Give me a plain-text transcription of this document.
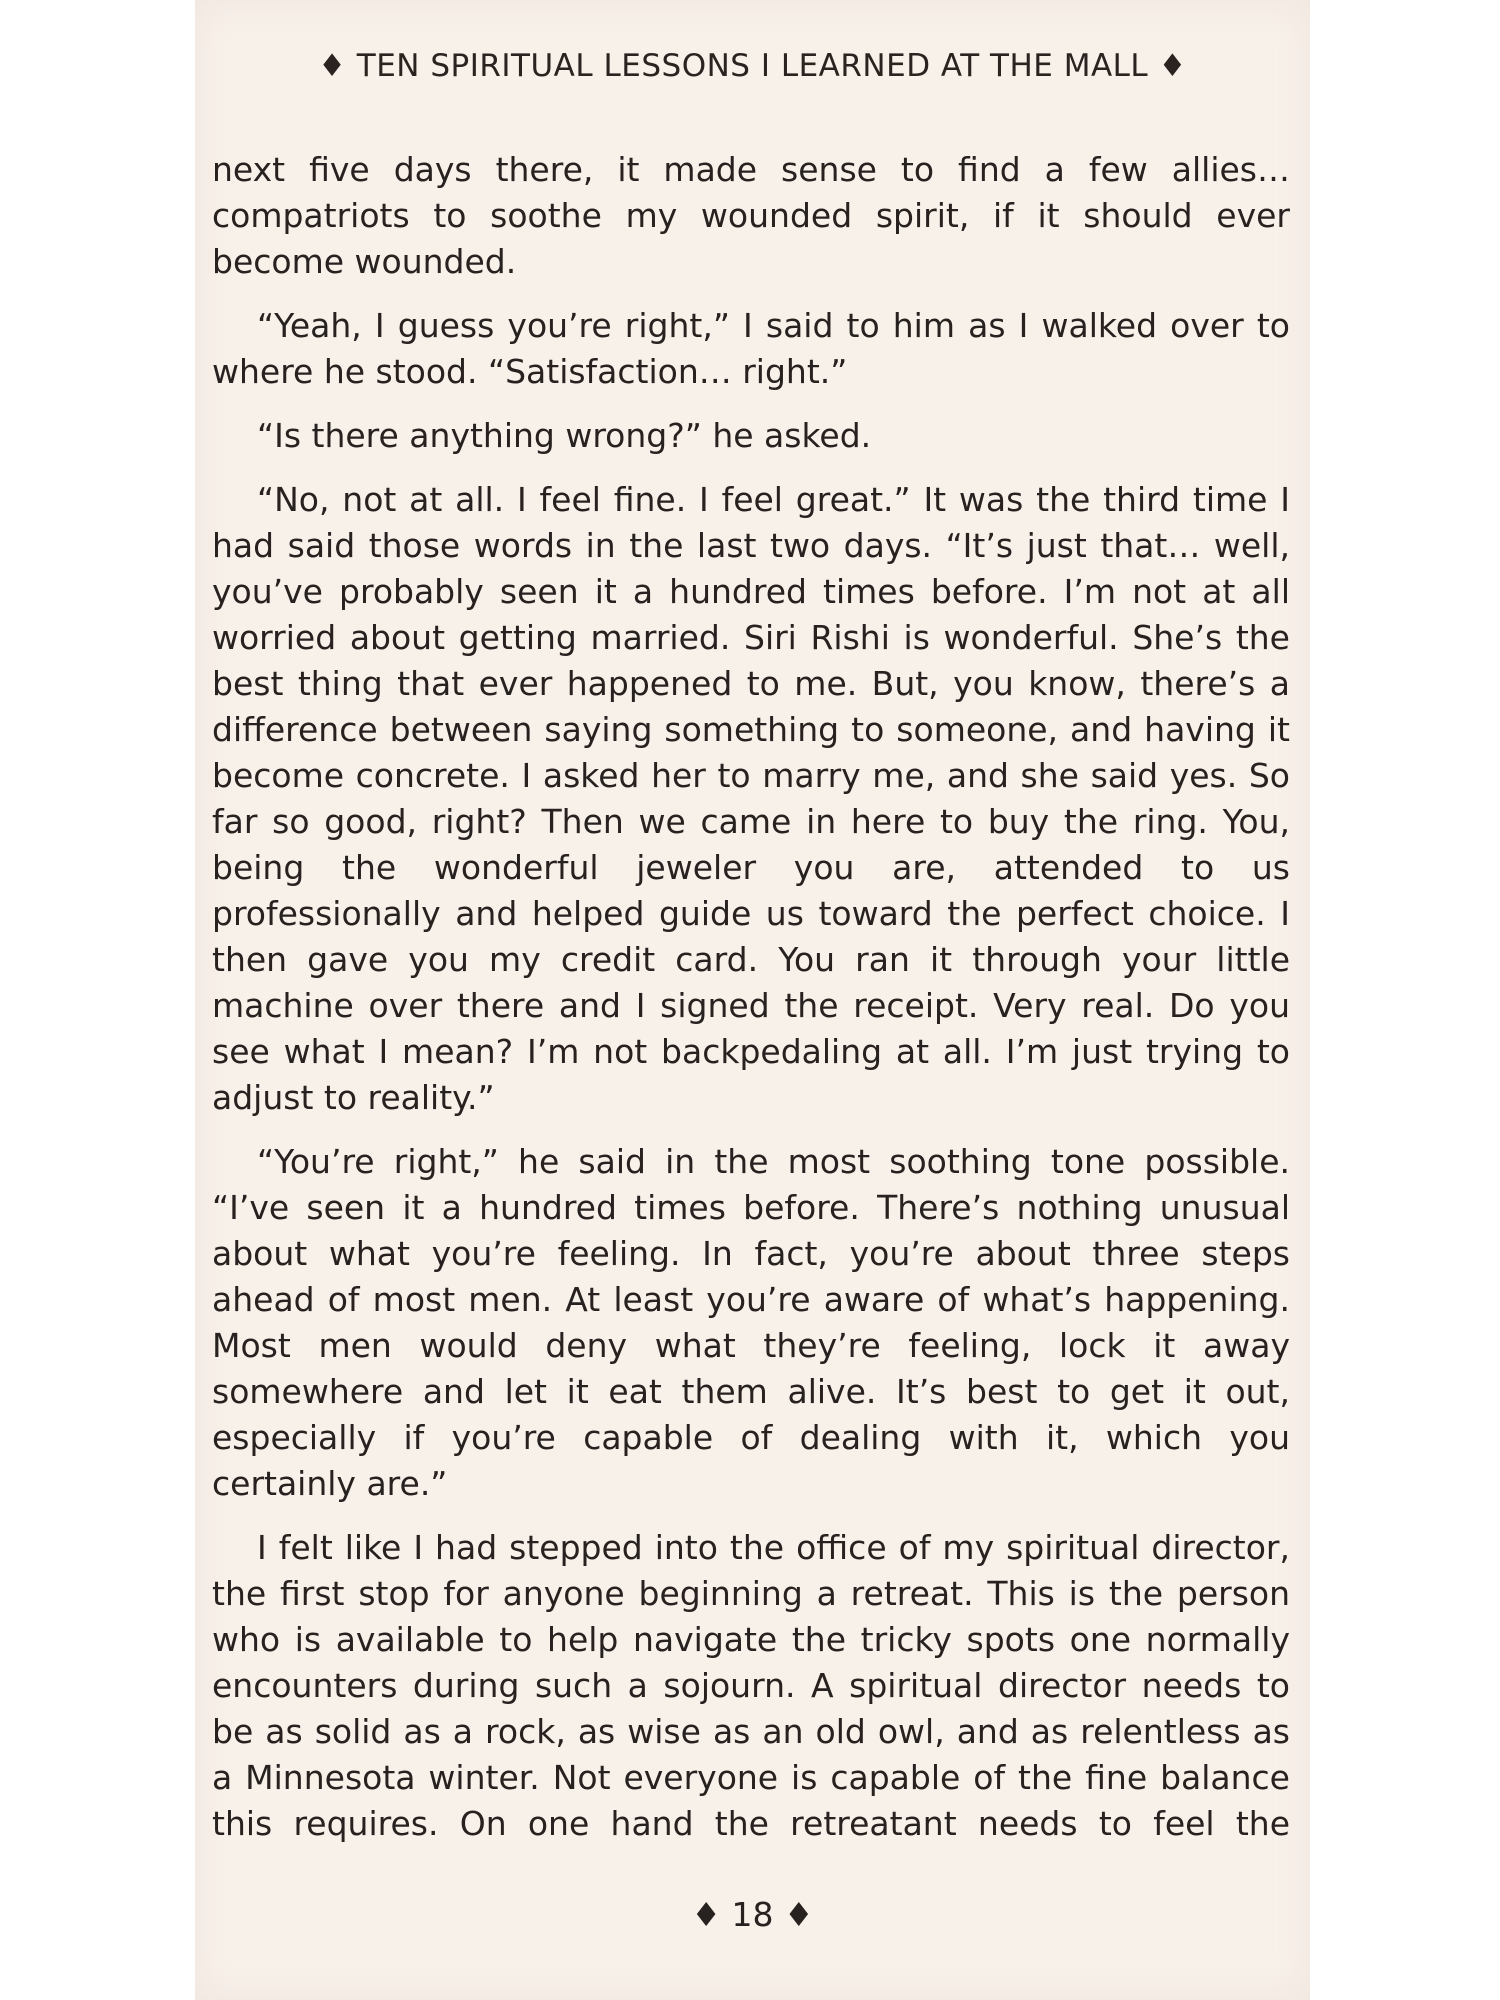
♦ TEN SPIRITUAL LESSONS I LEARNED AT THE MALL ♦

next five days there, it made sense to find a few allies… compatriots to soothe my wounded spirit, if it should ever become wounded.

“Yeah, I guess you’re right,” I said to him as I walked over to where he stood. “Satisfaction… right.”

“Is there anything wrong?” he asked.

“No, not at all. I feel fine. I feel great.” It was the third time I had said those words in the last two days. “It’s just that… well, you’ve probably seen it a hundred times before. I’m not at all worried about getting married. Siri Rishi is wonderful. She’s the best thing that ever happened to me. But, you know, there’s a difference between saying something to someone, and having it become concrete. I asked her to marry me, and she said yes. So far so good, right? Then we came in here to buy the ring. You, being the wonderful jeweler you are, attended to us professionally and helped guide us toward the perfect choice. I then gave you my credit card. You ran it through your little machine over there and I signed the receipt. Very real. Do you see what I mean? I’m not backpedaling at all. I’m just trying to adjust to reality.”

“You’re right,” he said in the most soothing tone possible. “I’ve seen it a hundred times before. There’s nothing unusual about what you’re feeling. In fact, you’re about three steps ahead of most men. At least you’re aware of what’s happening. Most men would deny what they’re feeling, lock it away somewhere and let it eat them alive. It’s best to get it out, especially if you’re capable of dealing with it, which you certainly are.”

I felt like I had stepped into the office of my spiritual director, the first stop for anyone beginning a retreat. This is the person who is available to help navigate the tricky spots one normally encounters during such a sojourn. A spiritual director needs to be as solid as a rock, as wise as an old owl, and as relentless as a Minnesota winter. Not everyone is capable of the fine balance this requires. On one hand the retreatant needs to feel the

♦ 18 ♦
